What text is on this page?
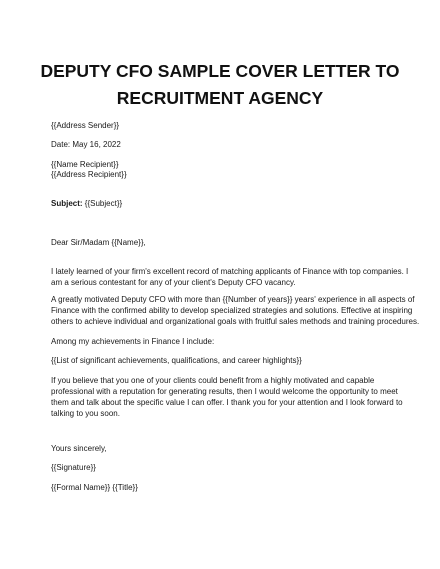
DEPUTY CFO SAMPLE COVER LETTER TO
RECRUITMENT AGENCY

{{Address Sender}}

Date: May 16, 2022

{{Name Recipient}}

{{Address Recipient}}

Subject: {{Subject}}

Dear Sir/Madam {{Name}},

I lately learned of your firm's excellent record of matching applicants of Finance with top companies. I
am a serious contestant for any of your client's Deputy CFO vacancy.
A greatly motivated Deputy CFO with more than {{Number of years}} years' experience in all aspects of
Finance with the confirmed ability to develop specialized strategies and solutions. Effective at inspiring
others to achieve individual and organizational goals with fruitful sales methods and training procedures.

Among my achievements in Finance I include:

{{List of significant achievements, qualifications, and career highlights}}

If you believe that you one of your clients could benefit from a highly motivated and capable
professional with a reputation for generating results, then I would welcome the opportunity to meet
them and talk about the specific value I can offer. I thank you for your attention and I look forward to
talking to you soon.

Yours sincerely,

{{Signature}}

{{Formal Name}} {{Title}}
